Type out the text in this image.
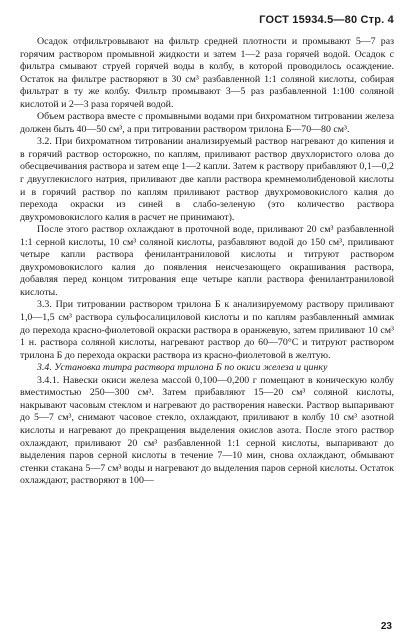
ГОСТ 15934.5—80 Стр. 4

Осадок отфильтровывают на фильтр средней плотности и промывают 5—7 раз горячим раствором промывной жидкости и затем 1—2 раза горячей водой. Осадок с фильтра смывают струей горячей воды в колбу, в которой проводилось осаждение. Остаток на фильтре растворяют в 30 см³ разбавленной 1:1 соляной кислоты, собирая фильтрат в ту же колбу. Фильтр промывают 3—5 раз разбавленной 1:100 соляной кислотой и 2—3 раза горячей водой.

Объем раствора вместе с промывными водами при бихроматном титровании железа должен быть 40—50 см³, а при титровании раствором трилона Б—70—80 см³.

3.2. При бихроматном титровании анализируемый раствор нагревают до кипения и в горячий раствор осторожно, по каплям, приливают раствор двухлористого олова до обесцвечивания раствора и затем еще 1—2 капли. Затем к раствору прибавляют 0,1—0,2 г двууглекислого натрия, приливают две капли раствора кремнемолибденовой кислоты и в горячий раствор по каплям приливают раствор двухромовокислого калия до перехода окраски из синей в слабо-зеленую (это количество раствора двухромовокислого калия в расчет не принимают).

После этого раствор охлаждают в проточной воде, приливают 20 см³ разбавленной 1:1 серной кислоты, 10 см³ соляной кислоты, разбавляют водой до 150 см³, приливают четыре капли раствора фенилантраниловой кислоты и титруют раствором двухромовокислого калия до появления неисчезающего окрашивания раствора, добавляя перед концом титрования еще четыре капли раствора фенилантраниловой кислоты.

3.3. При титровании раствором трилона Б к анализируемому раствору приливают 1,0—1,5 см³ раствора сульфосалициловой кислоты и по каплям разбавленный аммиак до перехода красно-фиолетовой окраски раствора в оранжевую, затем приливают 10 см³ 1 н. раствора соляной кислоты, нагревают раствор до 60—70°С и титруют раствором трилона Б до перехода окраски раствора из красно-фиолетовой в желтую.

3.4. Установка титра раствора трилона Б по окиси железа и цинку

3.4.1. Навески окиси железа массой 0,100—0,200 г помещают в коническую колбу вместимостью 250—300 см³. Затем прибавляют 15—20 см³ соляной кислоты, накрывают часовым стеклом и нагревают до растворения навески. Раствор выпаривают до 5—7 см³, снимают часовое стекло, охлаждают, приливают в колбу 10 см³ азотной кислоты и нагревают до прекращения выделения окислов азота. После этого раствор охлаждают, приливают 20 см³ разбавленной 1:1 серной кислоты, выпаривают до выделения паров серной кислоты в течение 7—10 мин, снова охлаждают, обмывают стенки стакана 5—7 см³ воды и нагревают до выделения паров серной кислоты. Остаток охлаждают, растворяют в 100—

23
